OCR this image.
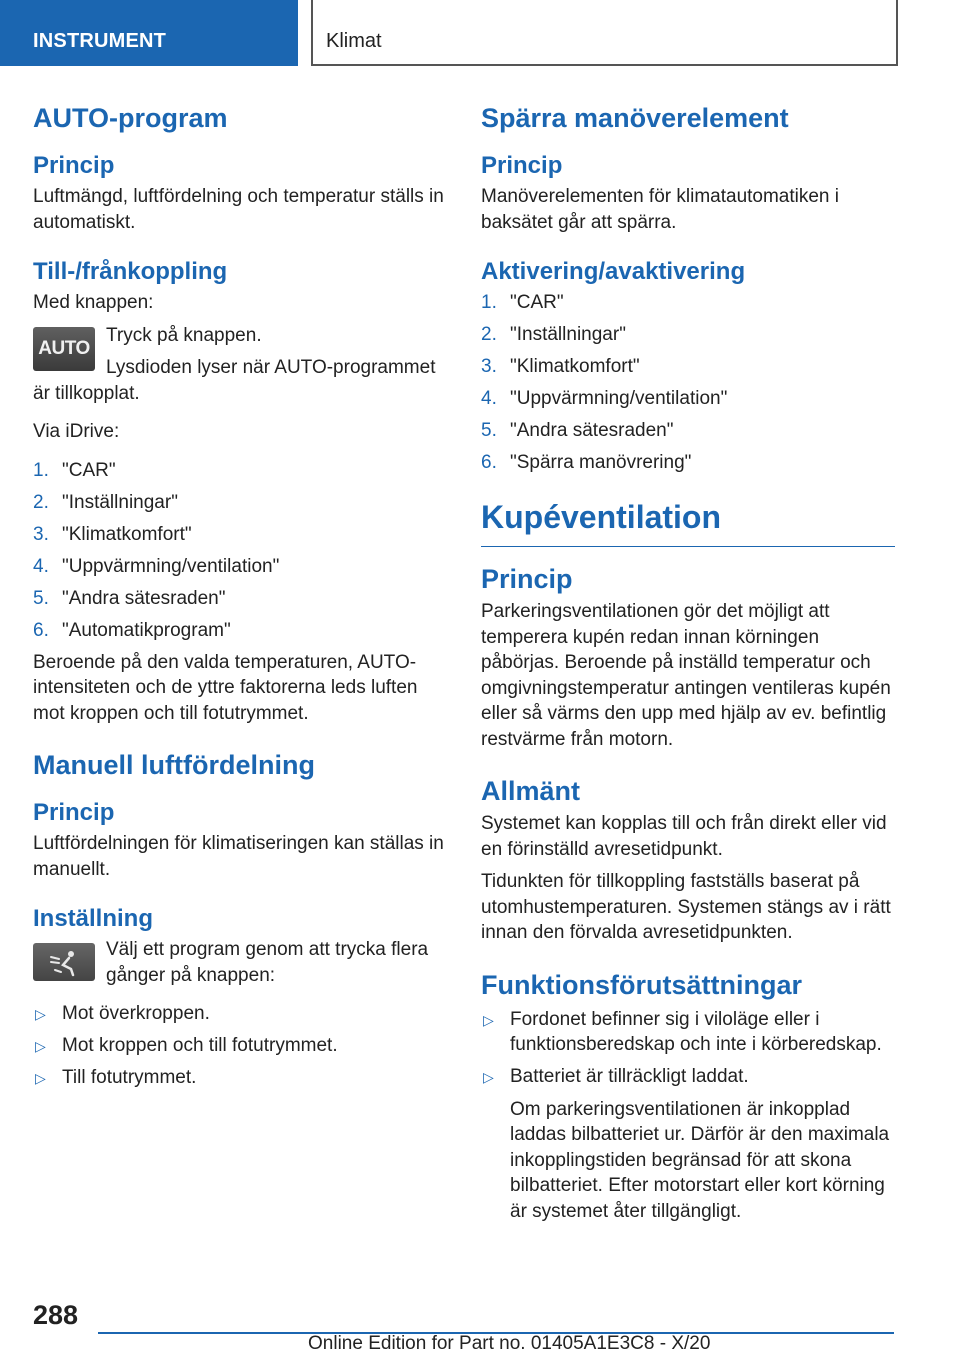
INSTRUMENT	Klimat
AUTO-program
Princip

Luftmängd, luftfördelning och temperatur ställs in automatiskt.

Till-/frånkoppling

Med knappen:

AUTO

Tryck på knappen.

Lysdioden lyser när AUTO-programmet är tillkopplat.

Via iDrive:

1. "CAR"
2. "Inställningar"
3. "Klimatkomfort"
4. "Uppvärmning/ventilation"
5. "Andra sätesraden"
6. "Automatikprogram"

Beroende på den valda temperaturen, AUTO-intensiteten och de yttre faktorerna leds luften mot kroppen och till fotutrymmet.

Manuell luftfördelning
Princip

Luftfördelningen för klimatiseringen kan ställas in manuellt.

Inställning

Välj ett program genom att trycka flera gånger på knappen:

▷ Mot överkroppen.
▷ Mot kroppen och till fotutrymmet.
▷ Till fotutrymmet.
Spärra manöverelement
Princip

Manöverelementen för klimatautomatiken i baksätet går att spärra.

Aktivering/avaktivering
1. "CAR"
2. "Inställningar"
3. "Klimatkomfort"
4. "Uppvärmning/ventilation"
5. "Andra sätesraden"
6. "Spärra manövrering"
Kupéventilation
Princip

Parkeringsventilationen gör det möjligt att temperera kupén redan innan körningen påbörjas. Beroende på inställd temperatur och omgivningstemperatur antingen ventileras kupén eller så värms den upp med hjälp av ev. befintlig restvärme från motorn.

Allmänt

Systemet kan kopplas till och från direkt eller vid en förinställd avresetidpunkt.

Tidunkten för tillkoppling fastställs baserat på utomhustemperaturen. Systemen stängs av i rätt innan den förvalda avresetidpunkten.

Funktionsförutsättningar
▷ Fordonet befinner sig i viloläge eller i funktionsberedskap och inte i körberedskap.
▷ Batteriet är tillräckligt laddat.
Om parkeringsventilationen är inkopplad laddas bilbatteriet ur. Därför är den maximala inkopplingstiden begränsad för att skona bilbatteriet. Efter motorstart eller kort körning är systemet åter tillgängligt.
288
Online Edition for Part no. 01405A1E3C8 - X/20
